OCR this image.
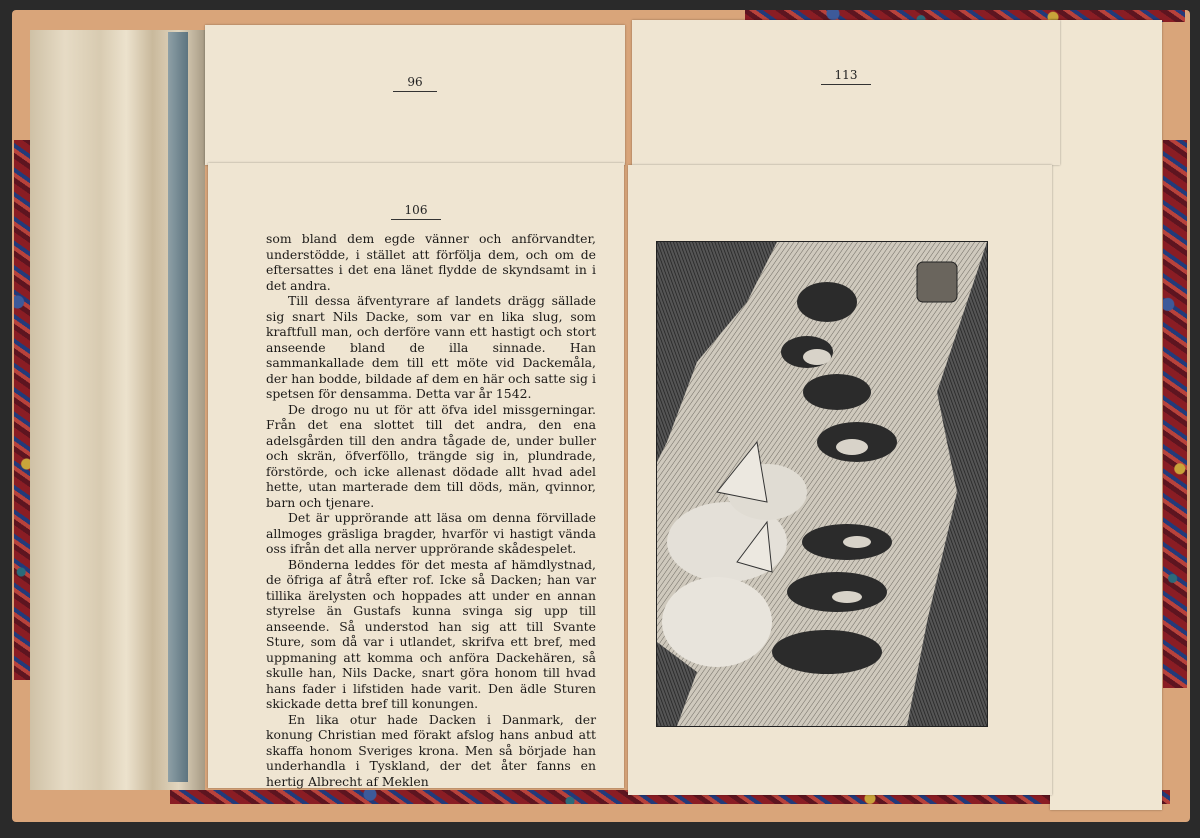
96	113
106

som bland dem egde vänner och anförvandter, understödde, i stället att förfölja dem, och om de eftersattes i det ena länet flydde de skyndsamt in i det andra.

Till dessa äfventyrare af landets drägg sällade sig snart Nils Dacke, som var en lika slug, som kraftfull man, och derföre vann ett hastigt och stort anseende bland de illa sinnade. Han sammankallade dem till ett möte vid Dackemåla, der han bodde, bildade af dem en här och satte sig i spetsen för densamma. Detta var år 1542.

De drogo nu ut för att öfva idel missgerningar. Från det ena slottet till det andra, den ena adelsgården till den andra tågade de, under buller och skrän, öfverföllo, trängde sig in, plundrade, förstörde, och icke allenast dödade allt hvad adel hette, utan marterade dem till döds, män, qvinnor, barn och tjenare.

Det är upprörande att läsa om denna förvillade allmoges gräsliga bragder, hvarför vi hastigt vända oss ifrån det alla nerver upprörande skådespelet.

Bönderna leddes för det mesta af hämdlystnad, de öfriga af åtrå efter rof. Icke så Dacken; han var tillika ärelysten och hoppades att under en annan styrelse än Gustafs kunna svinga sig upp till anseende. Så understod han sig att till Svante Sture, som då var i utlandet, skrifva ett bref, med uppmaning att komma och anföra Dackehären, så skulle han, Nils Dacke, snart göra honom till hvad hans fader i lifstiden hade varit. Den ädle Sturen skickade detta bref till konungen.

En lika otur hade Dacken i Danmark, der konung Christian med förakt afslog hans anbud att skaffa honom Sveriges krona. Men så började han underhandla i Tyskland, der det åter fanns en hertig Albrecht af Meklen
